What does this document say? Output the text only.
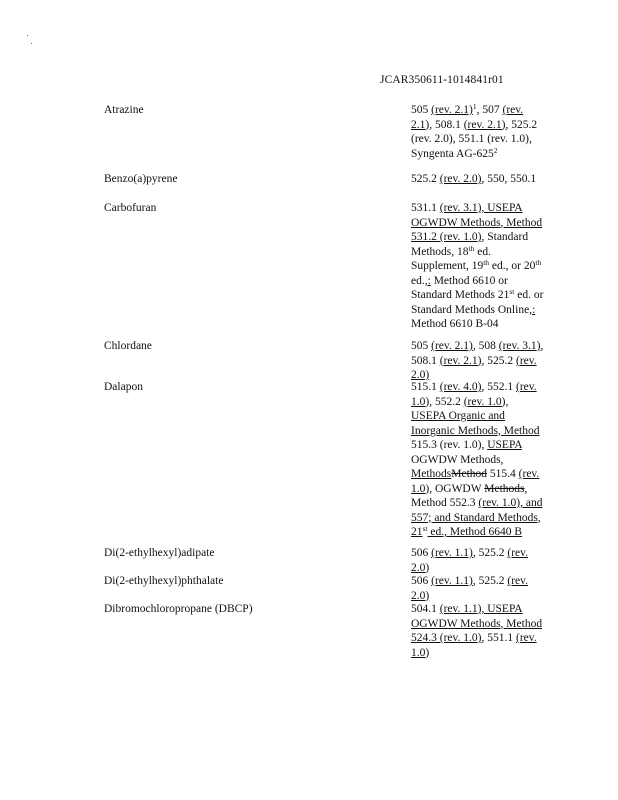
JCAR350611-1014841r01
Atrazine	505 (rev. 2.1)$^1$, 507 (rev. 2.1), 508.1 (rev. 2.1), 525.2 (rev. 2.0), 551.1 (rev. 1.0), Syngenta $AG-625^2$
Benzo(a)pyrene	525.2 (rev. 2.0), 550, 550.1
Carbofuran	531.1 (rev. 3.1), USEPA OGWDW Methods, Method 531.2 (rev. 1.0), Standard Methods, 18th ed. Supplement, 19th ed., or 20th ed.,: Method 6610 or Standard Methods 21st ed. or Standard Methods Online,: Method 6610 B-04
Chlordane	505 (rev. 2.1), 508 (rev. 3.1), 508.1 (rev. 2.1), 525.2 (rev. 2.0)
Dalapon	515.1 (rev. 4.0), 552.1 (rev. 1.0), 552.2 (rev. 1.0), USEPA Organic and Inorganic Methods, Method 515.3 (rev. 1.0), USEPA OGWDW Methods, MethodsMethod 515.4 (rev. 1.0), OGWDW Methods, Method 552.3 (rev. 1.0), and 557; and Standard Methods, 21st ed., Method 6640 B
Di(2-ethylhexyl)adipate	506 (rev. 1.1), 525.2 (rev. 2.0)
Di(2-ethylhexyl)phthalate	506 (rev. 1.1), 525.2 (rev. 2.0)
Dibromochloropropane (DBCP)	504.1 (rev. 1.1), USEPA OGWDW Methods, Method 524.3 (rev. 1.0), 551.1 (rev. 1.0)
